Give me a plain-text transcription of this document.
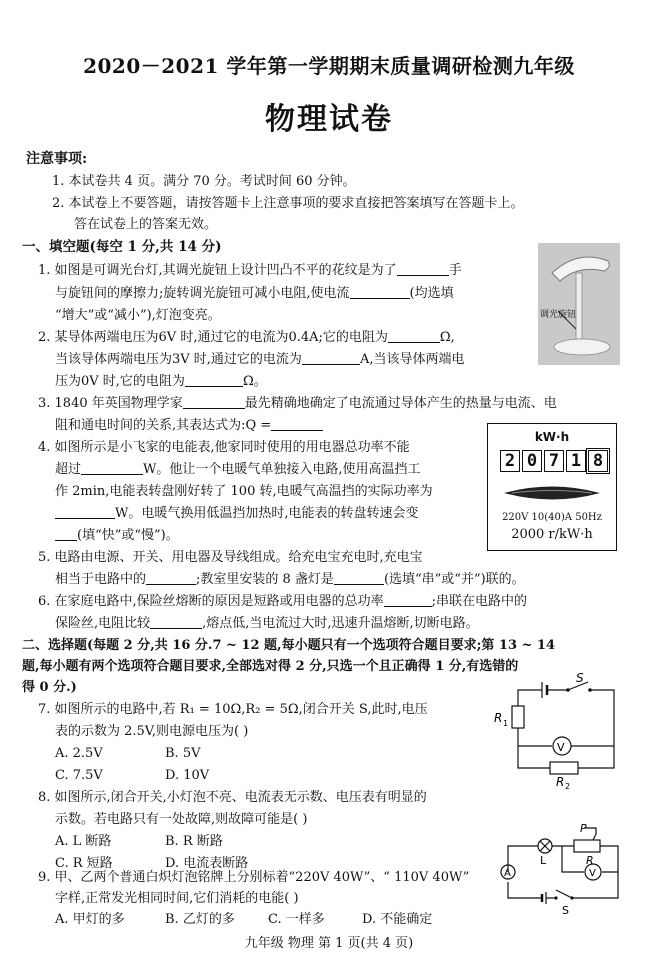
2020－2021 学年第一学期期末质量调研检测九年级
物理试卷
注意事项:
1. 本试卷共 4 页。满分 70 分。考试时间 60 分钟。
2. 本试卷上不要答题，请按答题卡上注意事项的要求直接把答案填写在答题卡上。
答在试卷上的答案无效。
一、填空题(每空 1 分,共 14 分)
1. 如图是可调光台灯,其调光旋钮上设计凹凸不平的花纹是为了	手
与旋钮间的摩擦力;旋转调光旋钮可减小电阻,使电流	(均选填
“增大”或“减小”),灯泡变亮。	调光旋钮
2. 某导体两端电压为6V 时,通过它的电流为0.4A;它的电阻为	Ω,
当该导体两端电压为3V 时,通过它的电流为	A,当该导体两端电
压为0V 时,它的电阻为	Ω。
3. 1840 年英国物理学家	最先精确地确定了电流通过导体产生的热量与电流、电
阻和通电时间的关系,其表达式为:Q =
4. 如图所示是小飞家的电能表,他家同时使用的用电器总功率不能
超过	W。他让一个电暖气单独接入电路,使用高温挡工
作 2min,电能表转盘刚好转了 100 转,电暖气高温挡的实际功率为
W。电暖气换用低温挡加热时,电能表的转盘转速会变
(填“快”或“慢”)。
kW·h
2 0 7 1 8
220V 10(40)A 50Hz
2000 r/kW·h
5. 电路由电源、开关、用电器及导线组成。给充电宝充电时,充电宝
相当于电路中的	;教室里安装的 8 盏灯是	(选填“串”或“并”)联的。
6. 在家庭电路中,保险丝熔断的原因是短路或用电器的总功率	;串联在电路中的
保险丝,电阻比较	,熔点低,当电流过大时,迅速升温熔断,切断电路。
二、选择题(每题 2 分,共 16 分.7 ~ 12 题,每小题只有一个选项符合题目要求;第 13 ~ 14
题,每小题有两个选项符合题目要求,全部选对得 2 分,只选一个且正确得 1 分,有选错的
得 0 分.)
7. 如图所示的电路中,若 R₁ = 10Ω,R₂ = 5Ω,闭合开关 S,此时,电压
表的示数为 2.5V,则电源电压为( )
A. 2.5V	B. 5V
C. 7.5V	D. 10V
S
R 1
V
R 2
8. 如图所示,闭合开关,小灯泡不亮、电流表无示数、电压表有明显的
示数。若电路只有一处故障,则故障可能是( )
A. L 断路	B. R 断路
C. R 短路	D. 电流表断路
P
L	R
A	V
S
9. 甲、乙两个普通白炽灯泡铭牌上分别标着“220V 40W”、“ 110V 40W”
字样,正常发光相同时间,它们消耗的电能( )
A. 甲灯的多	B. 乙灯的多	C. 一样多	D. 不能确定
九年级 物理 第 1 页(共 4 页)
